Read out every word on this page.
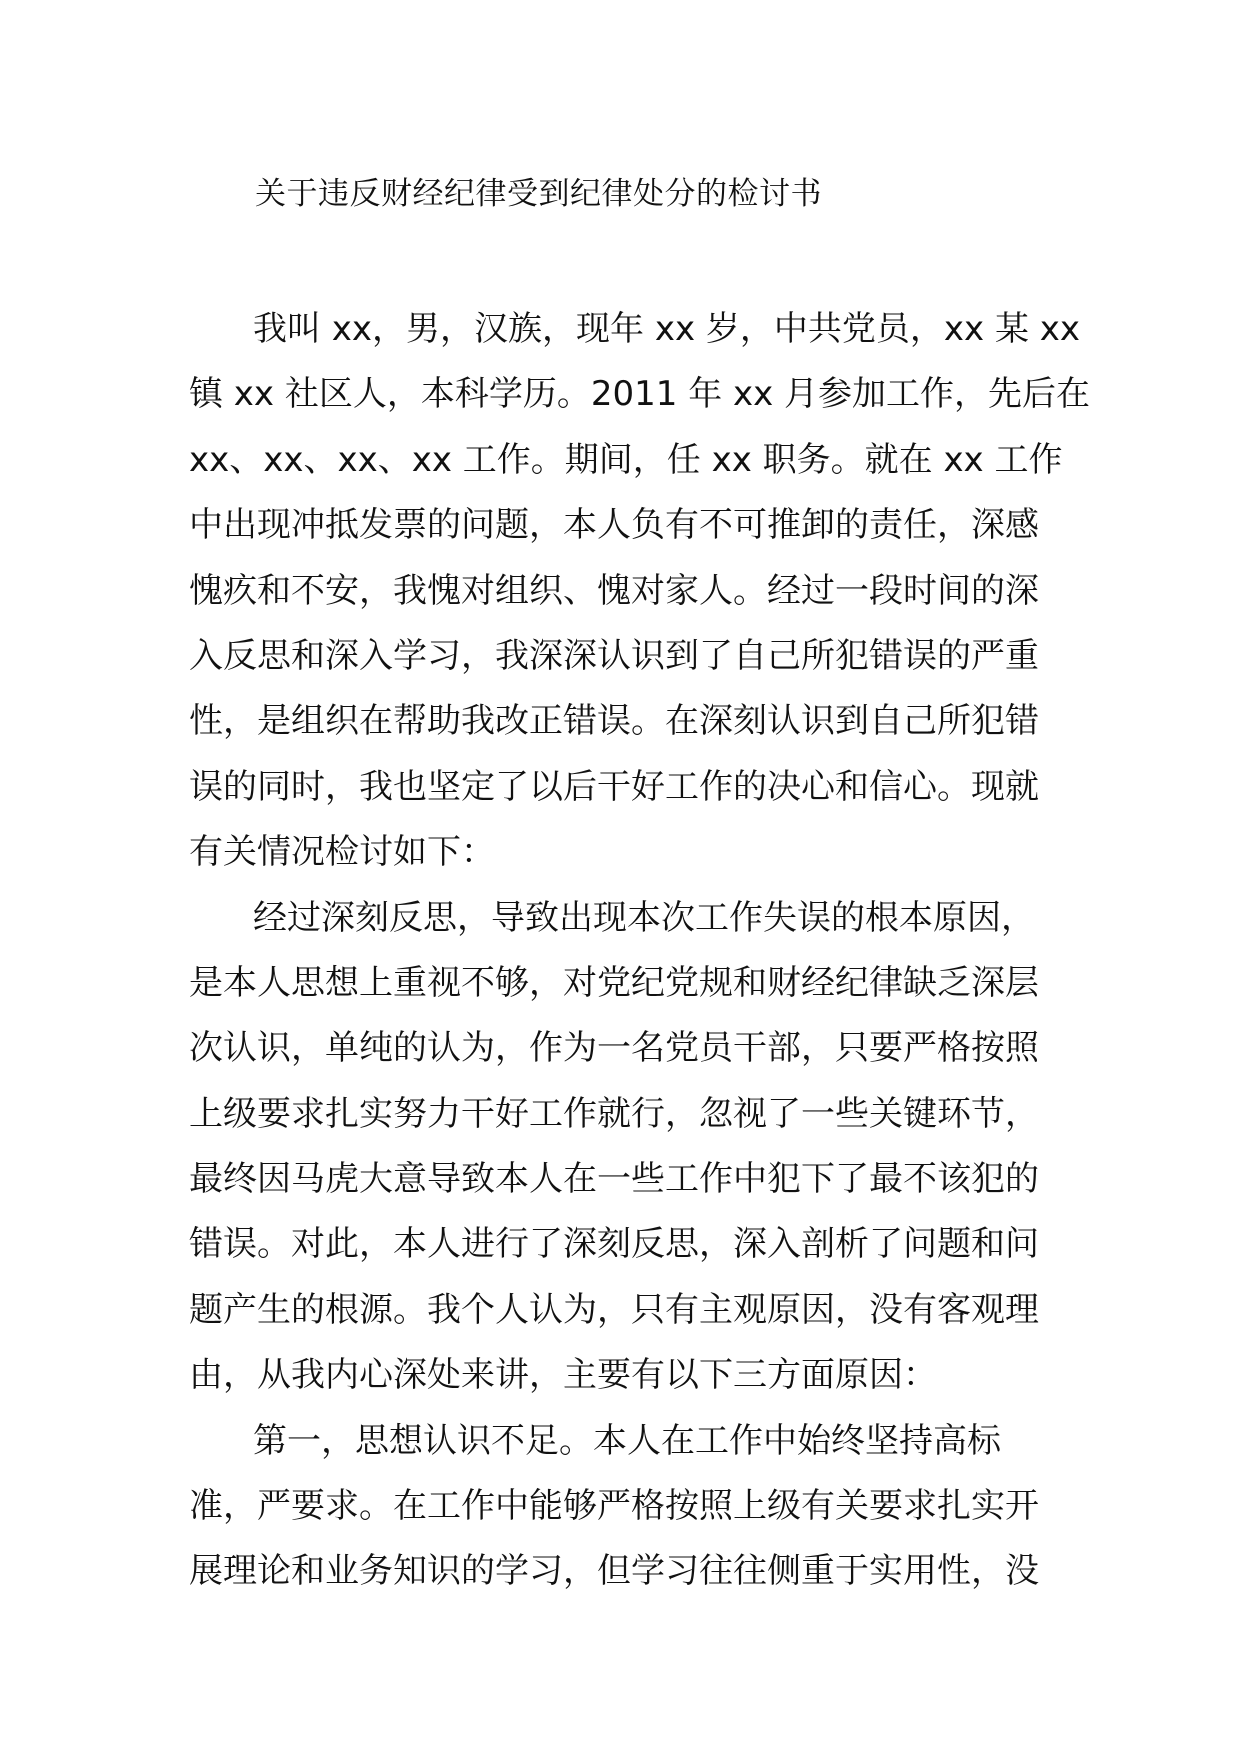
关于违反财经纪律受到纪律处分的检讨书
我叫 xx，男，汉族，现年 xx 岁，中共党员，xx 某 xx
镇 xx 社区人，本科学历。2011 年 xx 月参加工作，先后在
xx、xx、xx、xx 工作。期间，任 xx 职务。就在 xx 工作
中出现冲抵发票的问题，本人负有不可推卸的责任，深感
愧疚和不安，我愧对组织、愧对家人。经过一段时间的深
入反思和深入学习，我深深认识到了自己所犯错误的严重
性，是组织在帮助我改正错误。在深刻认识到自己所犯错
误的同时，我也坚定了以后干好工作的决心和信心。现就
有关情况检讨如下：
经过深刻反思，导致出现本次工作失误的根本原因，
是本人思想上重视不够，对党纪党规和财经纪律缺乏深层
次认识，单纯的认为，作为一名党员干部，只要严格按照
上级要求扎实努力干好工作就行，忽视了一些关键环节，
最终因马虎大意导致本人在一些工作中犯下了最不该犯的
错误。对此，本人进行了深刻反思，深入剖析了问题和问
题产生的根源。我个人认为，只有主观原因，没有客观理
由，从我内心深处来讲，主要有以下三方面原因：
第一，思想认识不足。本人在工作中始终坚持高标
准，严要求。在工作中能够严格按照上级有关要求扎实开
展理论和业务知识的学习，但学习往往侧重于实用性，没
